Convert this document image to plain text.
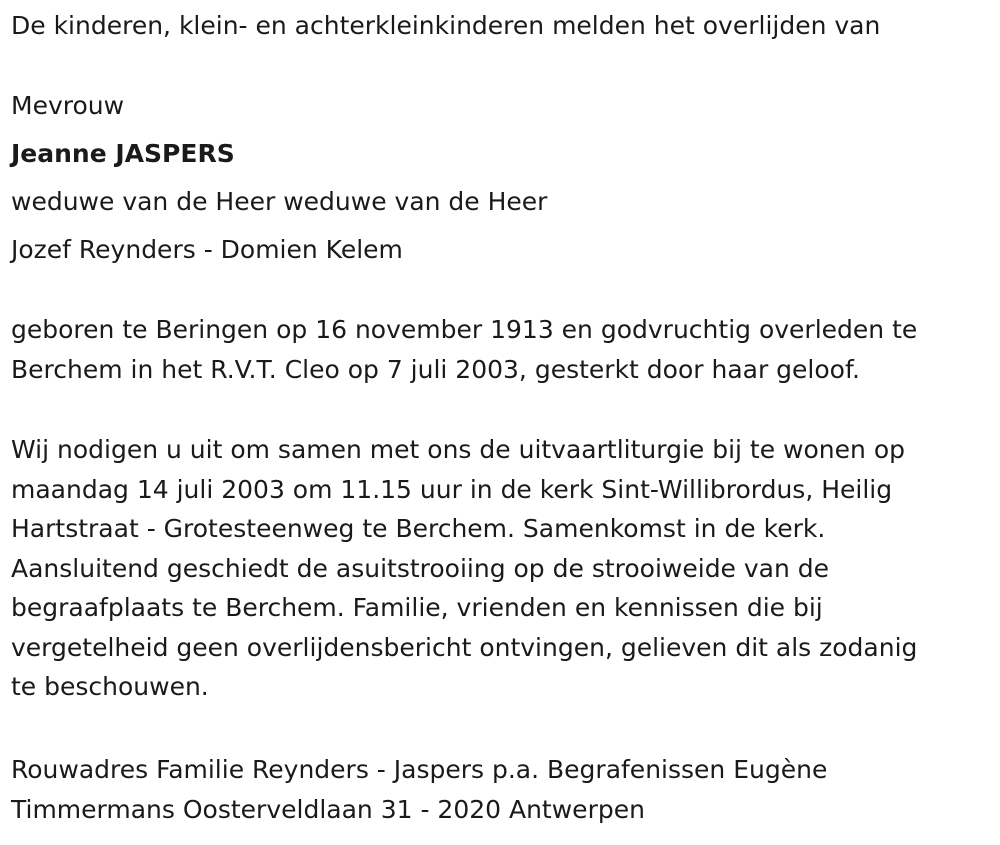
De kinderen, klein- en achterkleinkinderen melden het overlijden van
Mevrouw
Jeanne JASPERS
weduwe van de Heer weduwe van de Heer
Jozef Reynders - Domien Kelem
geboren te Beringen op 16 november 1913 en godvruchtig overleden te
Berchem in het R.V.T. Cleo op 7 juli 2003, gesterkt door haar geloof.
Wij nodigen u uit om samen met ons de uitvaartliturgie bij te wonen op
maandag 14 juli 2003 om 11.15 uur in de kerk Sint-Willibrordus, Heilig
Hartstraat - Grotesteenweg te Berchem. Samenkomst in de kerk.
Aansluitend geschiedt de asuitstrooiing op de strooiweide van de
begraafplaats te Berchem. Familie, vrienden en kennissen die bij
vergetelheid geen overlijdensbericht ontvingen, gelieven dit als zodanig
te beschouwen.
Rouwadres Familie Reynders - Jaspers p.a. Begrafenissen Eugène
Timmermans Oosterveldlaan 31 - 2020 Antwerpen
